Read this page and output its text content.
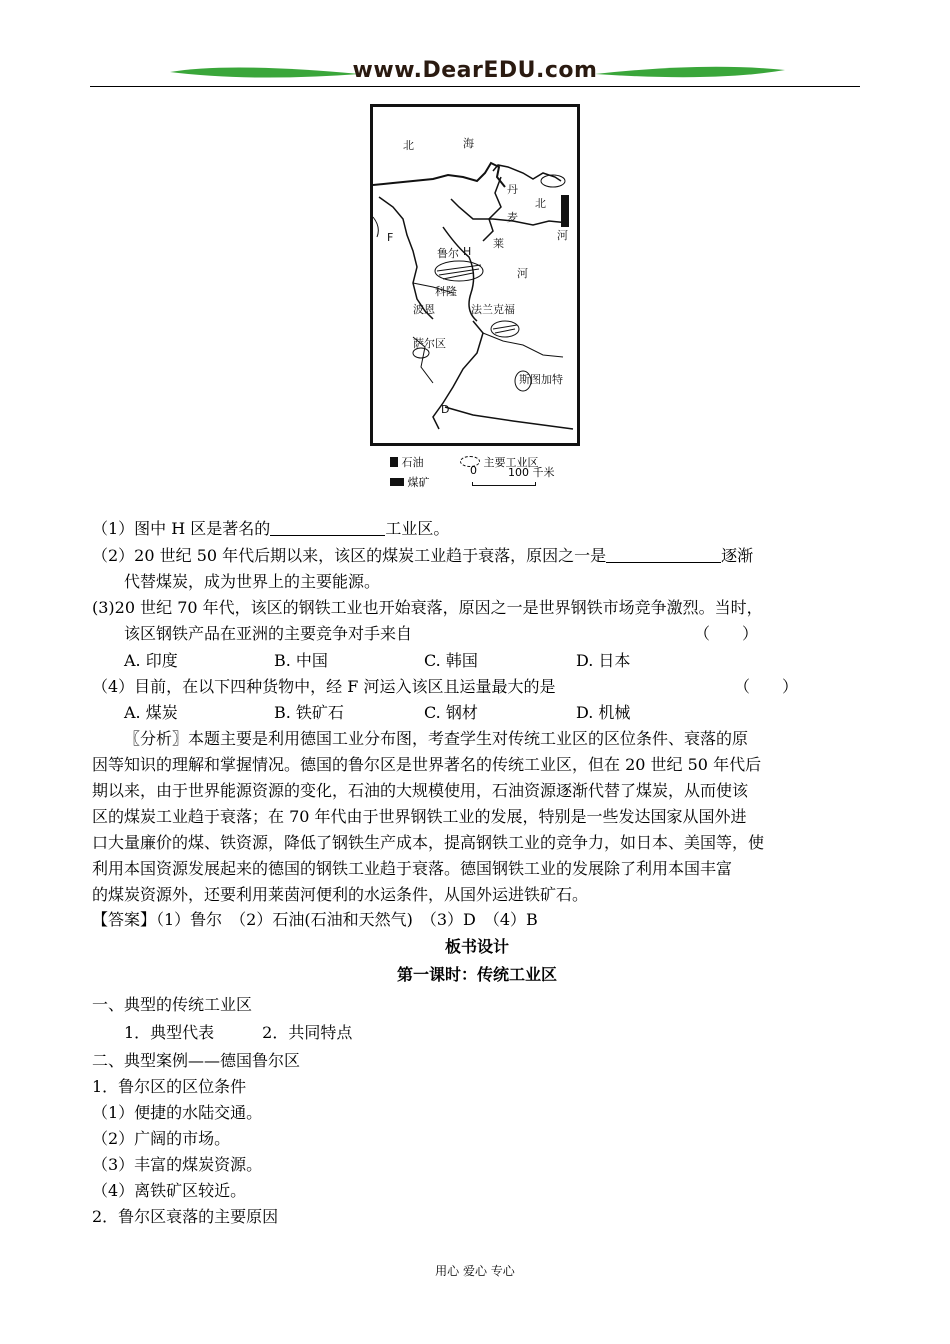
www.DearEDU.com
北	海
丹
北
河
麦
F
鲁尔 H
莱
河
科隆
波恩	法兰克福
萨尔区
斯图加特
D
石油	主要工业区
煤矿
0	100 千米
（1）图中 H 区是著名的	工业区。
（2）20 世纪 50 年代后期以来，该区的煤炭工业趋于衰落，原因之一是	逐渐
代替煤炭，成为世界上的主要能源。
(3)20 世纪 70 年代，该区的钢铁工业也开始衰落，原因之一是世界钢铁市场竞争激烈。当时，
该区钢铁产品在亚洲的主要竞争对手来自	（　　）
A. 印度	B. 中国	C. 韩国	D. 日本
（4）目前，在以下四种货物中，经 F 河运入该区且运量最大的是	（　　）
A. 煤炭	B. 铁矿石	C. 钢材	D. 机械
〖分析〗本题主要是利用德国工业分布图，考查学生对传统工业区的区位条件、衰落的原
因等知识的理解和掌握情况。德国的鲁尔区是世界著名的传统工业区，但在 20 世纪 50 年代后
期以来，由于世界能源资源的变化，石油的大规模使用，石油资源逐渐代替了煤炭，从而使该
区的煤炭工业趋于衰落；在 70 年代由于世界钢铁工业的发展，特别是一些发达国家从国外进
口大量廉价的煤、铁资源，降低了钢铁生产成本，提高钢铁工业的竞争力，如日本、美国等，使
利用本国资源发展起来的德国的钢铁工业趋于衰落。德国钢铁工业的发展除了利用本国丰富
的煤炭资源外，还要利用莱茵河便利的水运条件，从国外运进铁矿石。
【答案】（1）鲁尔　（2）石油(石油和天然气)　（3）D　（4）B
板书设计
第一课时：传统工业区
一、典型的传统工业区
　　1．典型代表　　　2．共同特点
二、典型案例——德国鲁尔区
1．鲁尔区的区位条件
（1）便捷的水陆交通。
（2）广阔的市场。
（3）丰富的煤炭资源。
（4）离铁矿区较近。
2．鲁尔区衰落的主要原因
用心 爱心 专心
